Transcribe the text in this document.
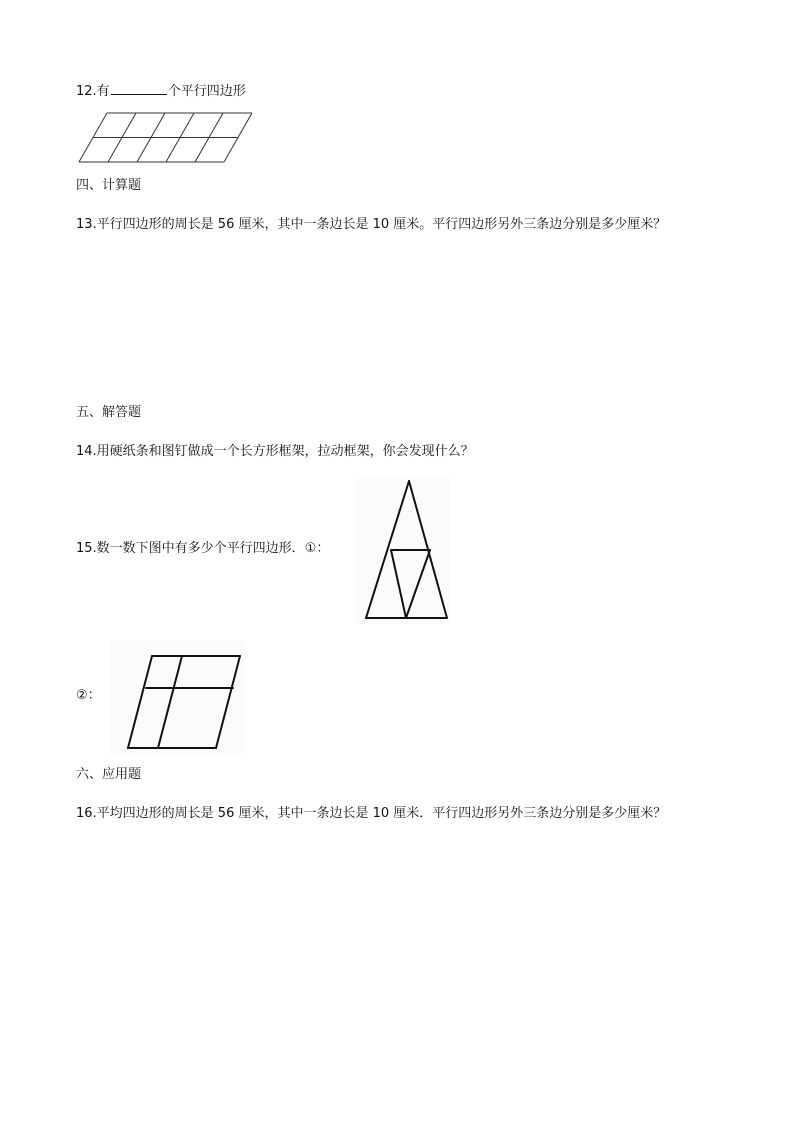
12.有	个平行四边形
四、计算题
13.平行四边形的周长是 56 厘米，其中一条边长是 10 厘米。平行四边形另外三条边分别是多少厘米？
五、解答题
14.用硬纸条和图钉做成一个长方形框架，拉动框架，你会发现什么？
15.数一数下图中有多少个平行四边形．①：
②：
六、应用题
16.平均四边形的周长是 56 厘米，其中一条边长是 10 厘米．平行四边形另外三条边分别是多少厘米？
